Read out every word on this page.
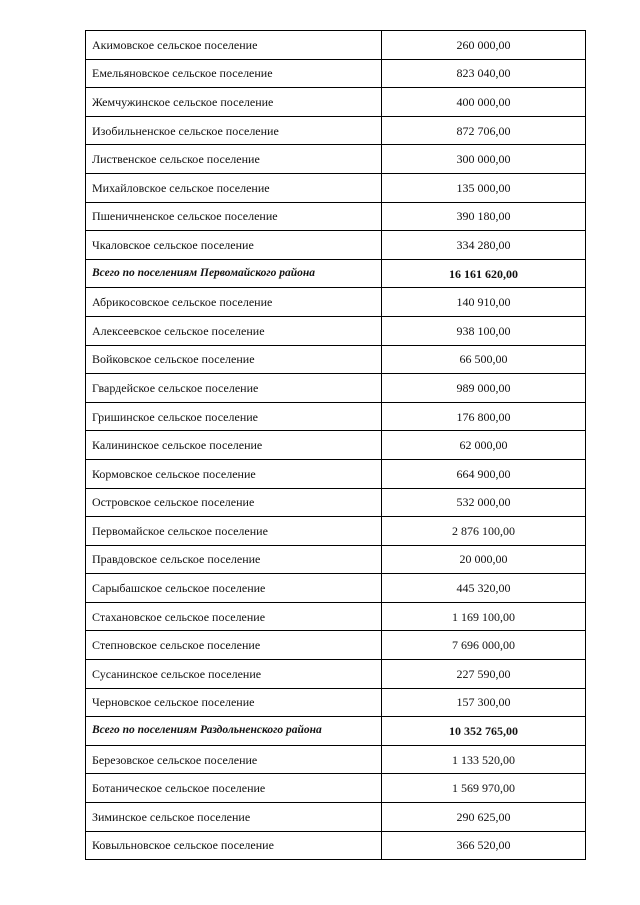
Акимовское сельское поселение	260 000,00
Емельяновское сельское поселение	823 040,00
Жемчужинское сельское поселение	400 000,00
Изобильненское сельское поселение	872 706,00
Лиственское сельское поселение	300 000,00
Михайловское сельское поселение	135 000,00
Пшеничненское сельское поселение	390 180,00
Чкаловское сельское поселение	334 280,00
Всего по поселениям Первомайского района	16 161 620,00
Абрикосовское сельское поселение	140 910,00
Алексеевское сельское поселение	938 100,00
Войковское сельское поселение	66 500,00
Гвардейское сельское поселение	989 000,00
Гришинское сельское поселение	176 800,00
Калининское сельское поселение	62 000,00
Кормовское сельское поселение	664 900,00
Островское сельское поселение	532 000,00
Первомайское сельское поселение	2 876 100,00
Правдовское сельское поселение	20 000,00
Сарыбашское сельское поселение	445 320,00
Стахановское сельское поселение	1 169 100,00
Степновское сельское поселение	7 696 000,00
Сусанинское сельское поселение	227 590,00
Черновское сельское поселение	157 300,00
Всего по поселениям Раздольненского района	10 352 765,00
Березовское сельское поселение	1 133 520,00
Ботаническое сельское поселение	1 569 970,00
Зиминское сельское поселение	290 625,00
Ковыльновское сельское поселение	366 520,00
